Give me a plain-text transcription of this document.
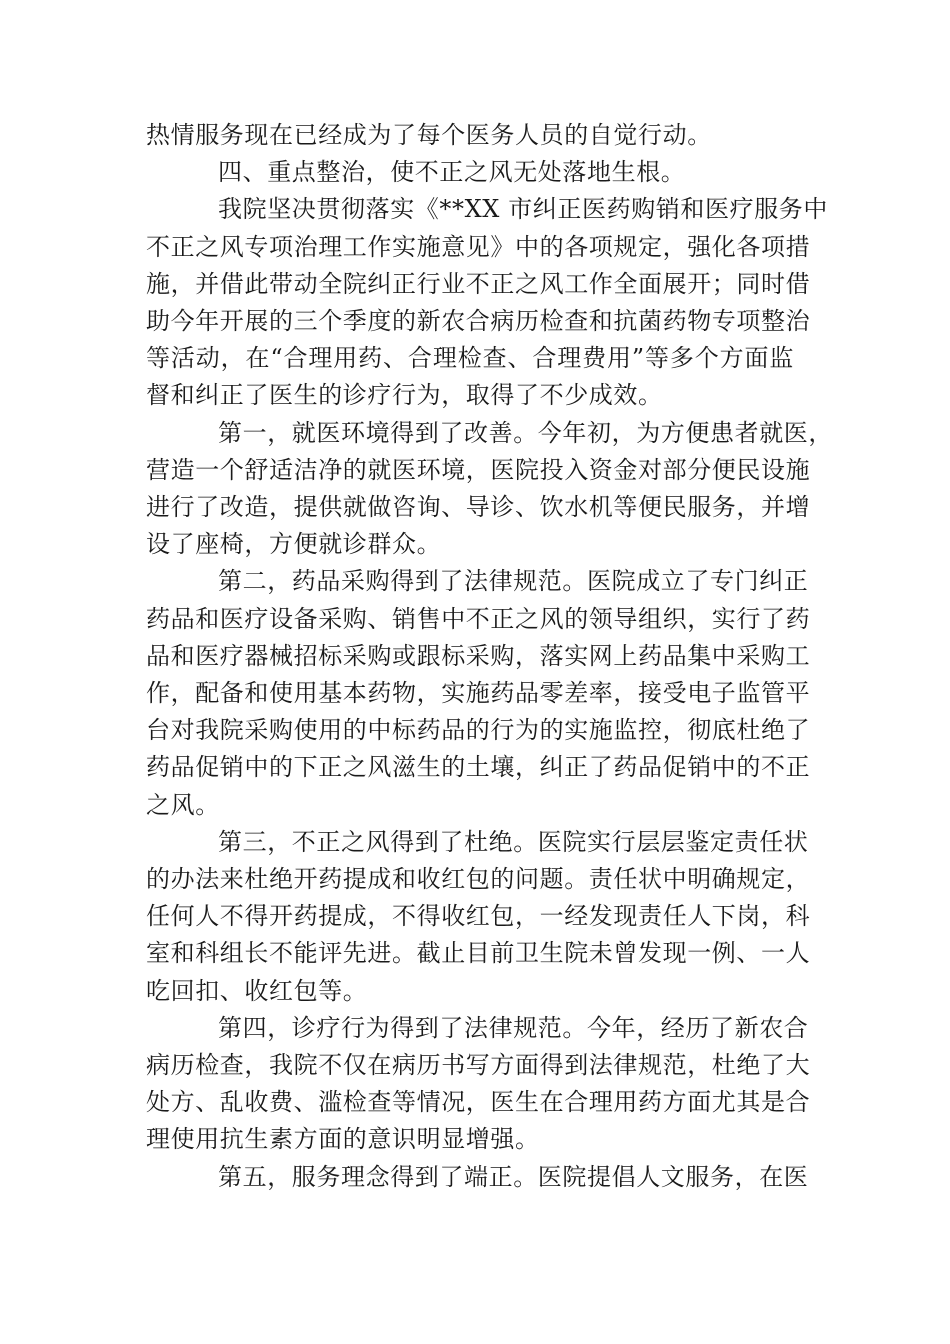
热情服务现在已经成为了每个医务人员的自觉行动。

四、重点整治，使不正之风无处落地生根。

我院坚决贯彻落实《**XX 市纠正医药购销和医疗服务中
不正之风专项治理工作实施意见》中的各项规定，强化各项措
施，并借此带动全院纠正行业不正之风工作全面展开；同时借
助今年开展的三个季度的新农合病历检查和抗菌药物专项整治
等活动，在“合理用药、合理检查、合理费用”等多个方面监
督和纠正了医生的诊疗行为，取得了不少成效。

第一，就医环境得到了改善。今年初，为方便患者就医，
营造一个舒适洁净的就医环境，医院投入资金对部分便民设施
进行了改造，提供就做咨询、导诊、饮水机等便民服务，并增
设了座椅，方便就诊群众。

第二，药品采购得到了法律规范。医院成立了专门纠正
药品和医疗设备采购、销售中不正之风的领导组织，实行了药
品和医疗器械招标采购或跟标采购，落实网上药品集中采购工
作，配备和使用基本药物，实施药品零差率，接受电子监管平
台对我院采购使用的中标药品的行为的实施监控，彻底杜绝了
药品促销中的下正之风滋生的土壤，纠正了药品促销中的不正
之风。

第三，不正之风得到了杜绝。医院实行层层鉴定责任状
的办法来杜绝开药提成和收红包的问题。责任状中明确规定，
任何人不得开药提成，不得收红包，一经发现责任人下岗，科
室和科组长不能评先进。截止目前卫生院未曾发现一例、一人
吃回扣、收红包等。

第四，诊疗行为得到了法律规范。今年，经历了新农合
病历检查，我院不仅在病历书写方面得到法律规范，杜绝了大
处方、乱收费、滥检查等情况，医生在合理用药方面尤其是合
理使用抗生素方面的意识明显增强。

第五，服务理念得到了端正。医院提倡人文服务，在医
